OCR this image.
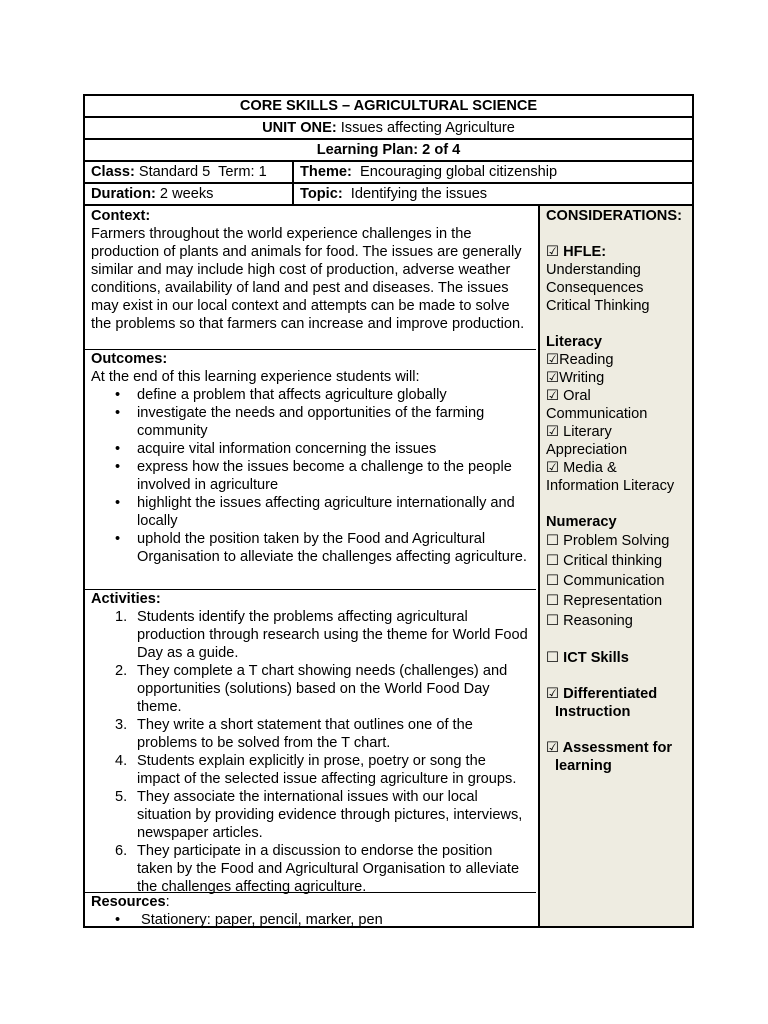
CORE SKILLS – AGRICULTURAL SCIENCE
UNIT ONE: Issues affecting Agriculture
Learning Plan: 2 of 4
Class: Standard 5  Term: 1 Theme: Encouraging global citizenship
Duration: 2 weeks	Topic: Identifying the issues
Context:

Farmers throughout the world experience challenges in the production of plants and animals for food. The issues are generally similar and may include high cost of production, adverse weather conditions, availability of land and pest and diseases. The issues may exist in our local context and attempts can be made to solve the problems so that farmers can increase and improve production.

Outcomes:

At the end of this learning experience students will:

• define a problem that affects agriculture globally
• investigate the needs and opportunities of the farming community
• acquire vital information concerning the issues
• express how the issues become a challenge to the people involved in agriculture
• highlight the issues affecting agriculture internationally and locally
• uphold the position taken by the Food and Agricultural Organisation to alleviate the challenges affecting agriculture.
Activities:
1. Students identify the problems affecting agricultural production through research using the theme for World Food Day as a guide.
2. They complete a T chart showing needs (challenges) and opportunities (solutions) based on the World Food Day theme.
3. They write a short statement that outlines one of the problems to be solved from the T chart.
4. Students explain explicitly in prose, poetry or song the impact of the selected issue affecting agriculture in groups.
5. They associate the international issues with our local situation by providing evidence through pictures, interviews, newspaper articles.
6. They participate in a discussion to endorse the position taken by the Food and Agricultural Organisation to alleviate the challenges affecting agriculture.
Resources:
• Stationery: paper, pencil, marker, pen
CONSIDERATIONS:
☑ HFLE:
Understanding
Consequences
Critical Thinking
Literacy
☑Reading
☑Writing
☑ Oral
Communication
☑ Literary
Appreciation
☑ Media &
Information Literacy
Numeracy
☐ Problem Solving
☐ Critical thinking
☐ Communication
☐ Representation
☐ Reasoning
☐ ICT Skills
☑ Differentiated
Instruction
☑ Assessment for
learning
